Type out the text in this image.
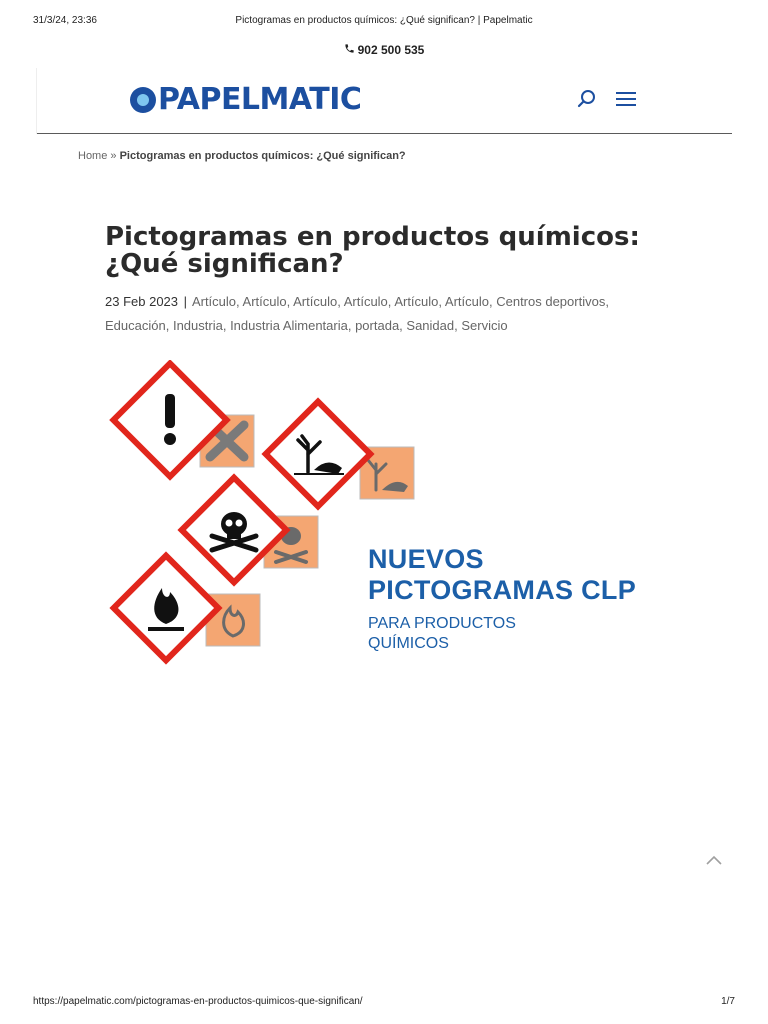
31/3/24, 23:36	Pictogramas en productos químicos: ¿Qué significan? | Papelmatic
902 500 535
PAPELMATIC
Home » Pictogramas en productos químicos: ¿Qué significan?
Pictogramas en productos químicos: ¿Qué significan?
23 Feb 2023 | Artículo, Artículo, Artículo, Artículo, Artículo, Artículo, Centros deportivos, Educación, Industria, Industria Alimentaria, portada, Sanidad, Servicio
NUEVOS
PICTOGRAMAS CLP
PARA PRODUCTOS
QUÍMICOS
https://papelmatic.com/pictogramas-en-productos-quimicos-que-significan/	1/7
